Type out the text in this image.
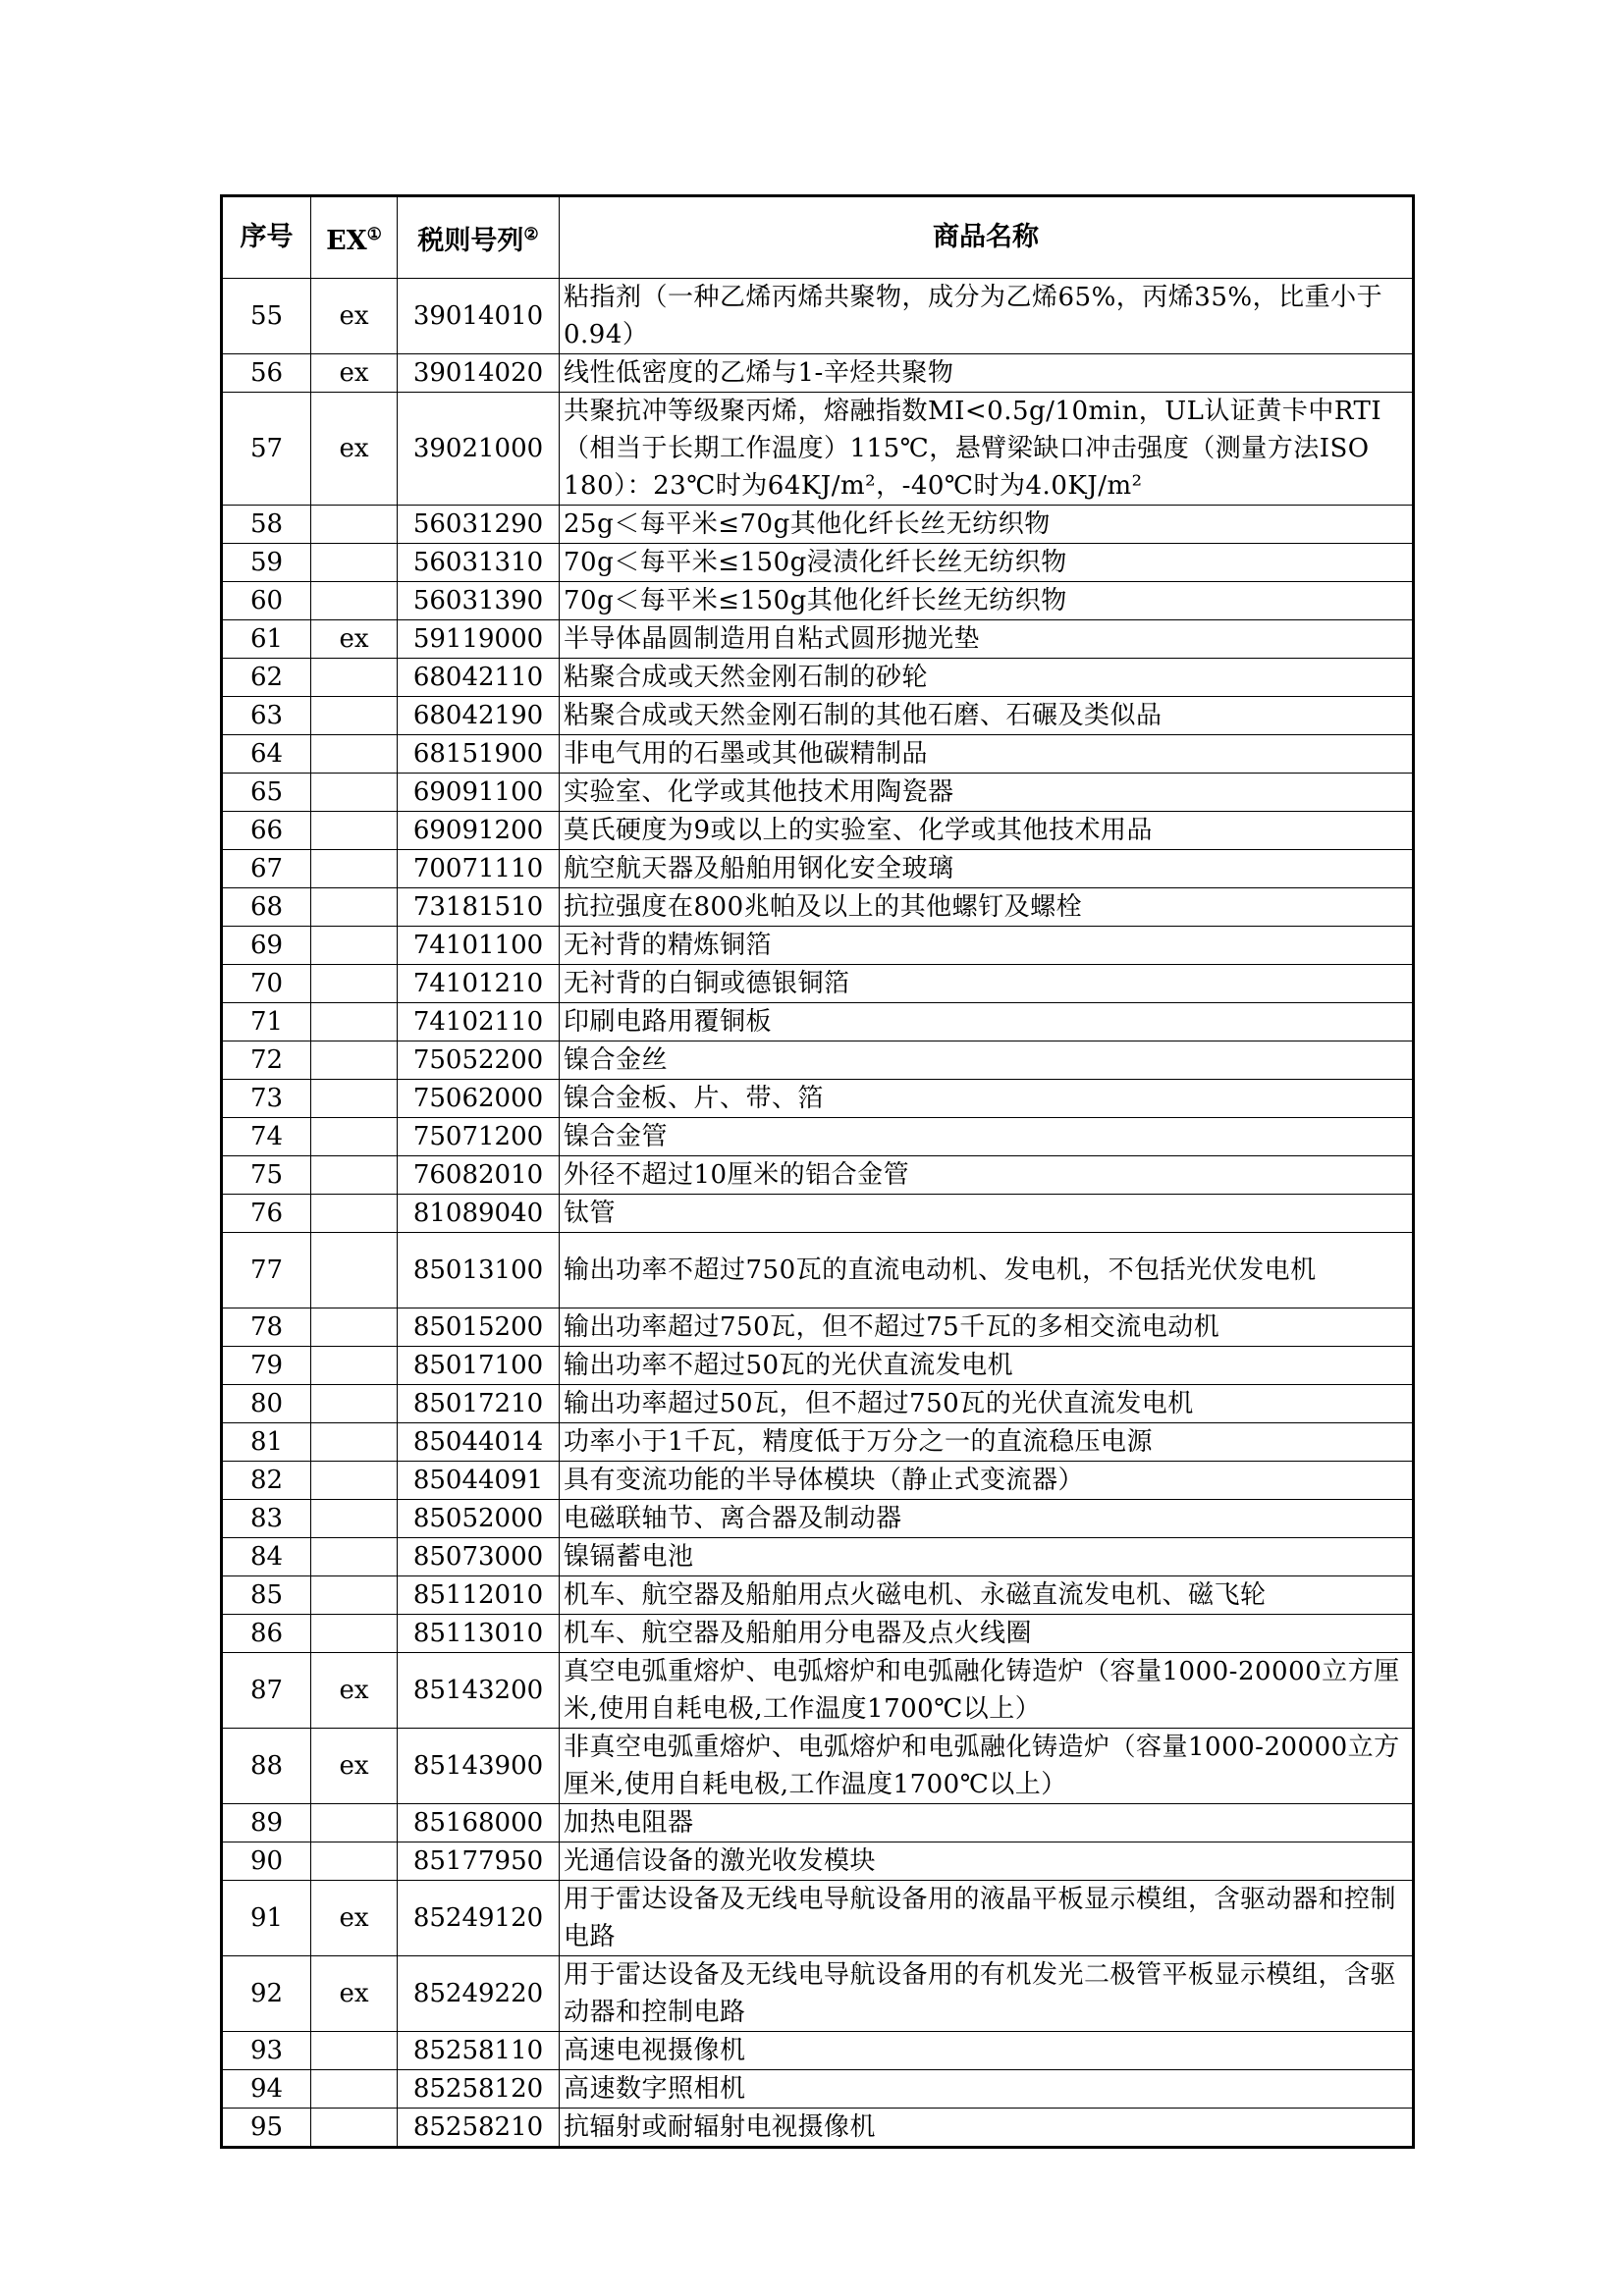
序号	EX①	税则号列②	商品名称
55	ex	39014010	粘指剂（一种乙烯丙烯共聚物，成分为乙烯65%，丙烯35%，比重小于0.94）
56	ex	39014020	线性低密度的乙烯与1-辛烃共聚物
57	ex	39021000	共聚抗冲等级聚丙烯，熔融指数MI<0.5g/10min，UL认证黄卡中RTI（相当于长期工作温度）115℃，悬臂梁缺口冲击强度（测量方法ISO 180）：23℃时为64KJ/m²，-40℃时为4.0KJ/m²
58		56031290	25g＜每平米≤70g其他化纤长丝无纺织物
59		56031310	70g＜每平米≤150g浸渍化纤长丝无纺织物
60		56031390	70g＜每平米≤150g其他化纤长丝无纺织物
61	ex	59119000	半导体晶圆制造用自粘式圆形抛光垫
62		68042110	粘聚合成或天然金刚石制的砂轮
63		68042190	粘聚合成或天然金刚石制的其他石磨、石碾及类似品
64		68151900	非电气用的石墨或其他碳精制品
65		69091100	实验室、化学或其他技术用陶瓷器
66		69091200	莫氏硬度为9或以上的实验室、化学或其他技术用品
67		70071110	航空航天器及船舶用钢化安全玻璃
68		73181510	抗拉强度在800兆帕及以上的其他螺钉及螺栓
69		74101100	无衬背的精炼铜箔
70		74101210	无衬背的白铜或德银铜箔
71		74102110	印刷电路用覆铜板
72		75052200	镍合金丝
73		75062000	镍合金板、片、带、箔
74		75071200	镍合金管
75		76082010	外径不超过10厘米的铝合金管
76		81089040	钛管
77		85013100	输出功率不超过750瓦的直流电动机、发电机，不包括光伏发电机
78		85015200	输出功率超过750瓦，但不超过75千瓦的多相交流电动机
79		85017100	输出功率不超过50瓦的光伏直流发电机
80		85017210	输出功率超过50瓦，但不超过750瓦的光伏直流发电机
81		85044014	功率小于1千瓦，精度低于万分之一的直流稳压电源
82		85044091	具有变流功能的半导体模块（静止式变流器）
83		85052000	电磁联轴节、离合器及制动器
84		85073000	镍镉蓄电池
85		85112010	机车、航空器及船舶用点火磁电机、永磁直流发电机、磁飞轮
86		85113010	机车、航空器及船舶用分电器及点火线圈
87	ex	85143200	真空电弧重熔炉、电弧熔炉和电弧融化铸造炉（容量1000-20000立方厘米,使用自耗电极,工作温度1700℃以上）
88	ex	85143900	非真空电弧重熔炉、电弧熔炉和电弧融化铸造炉（容量1000-20000立方厘米,使用自耗电极,工作温度1700℃以上）
89		85168000	加热电阻器
90		85177950	光通信设备的激光收发模块
91	ex	85249120	用于雷达设备及无线电导航设备用的液晶平板显示模组，含驱动器和控制电路
92	ex	85249220	用于雷达设备及无线电导航设备用的有机发光二极管平板显示模组，含驱动器和控制电路
93		85258110	高速电视摄像机
94		85258120	高速数字照相机
95		85258210	抗辐射或耐辐射电视摄像机
